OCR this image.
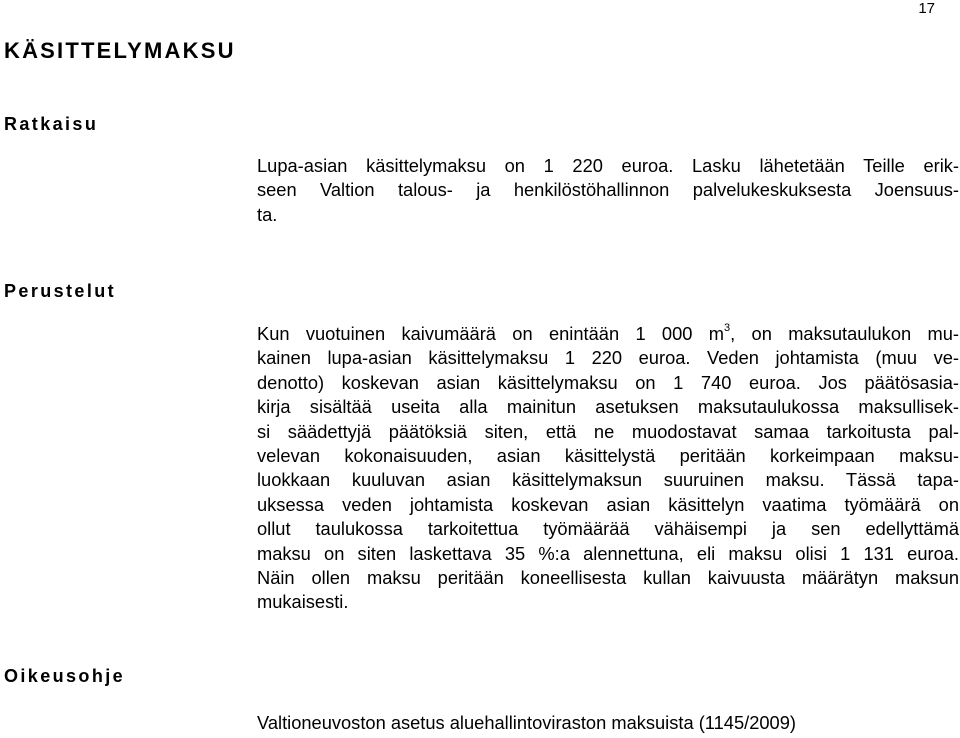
17
KÄSITTELYMAKSU
Ratkaisu
Lupa-asian käsittelymaksu on 1 220 euroa. Lasku lähetetään Teille erik-
seen Valtion talous- ja henkilöstöhallinnon palvelukeskuksesta Joensuus-
ta.
Perustelut
Kun vuotuinen kaivumäärä on enintään 1 000 $m^3$, on maksutaulukon mu-
kainen lupa-asian käsittelymaksu 1 220 euroa. Veden johtamista (muu ve-
denotto) koskevan asian käsittelymaksu on 1 740 euroa. Jos päätösasia-
kirja sisältää useita alla mainitun asetuksen maksutaulukossa maksullisek-
si säädettyjä päätöksiä siten, että ne muodostavat samaa tarkoitusta pal-
velevan kokonaisuuden, asian käsittelystä peritään korkeimpaan maksu-
luokkaan kuuluvan asian käsittelymaksun suuruinen maksu. Tässä tapa-
uksessa veden johtamista koskevan asian käsittelyn vaatima työmäärä on
ollut taulukossa tarkoitettua työmäärää vähäisempi ja sen edellyttämä
maksu on siten laskettava 35 %:a alennettuna, eli maksu olisi 1 131 euroa.
Näin ollen maksu peritään koneellisesta kullan kaivuusta määrätyn maksun
mukaisesti.
Oikeusohje
Valtioneuvoston asetus aluehallintoviraston maksuista (1145/2009)
